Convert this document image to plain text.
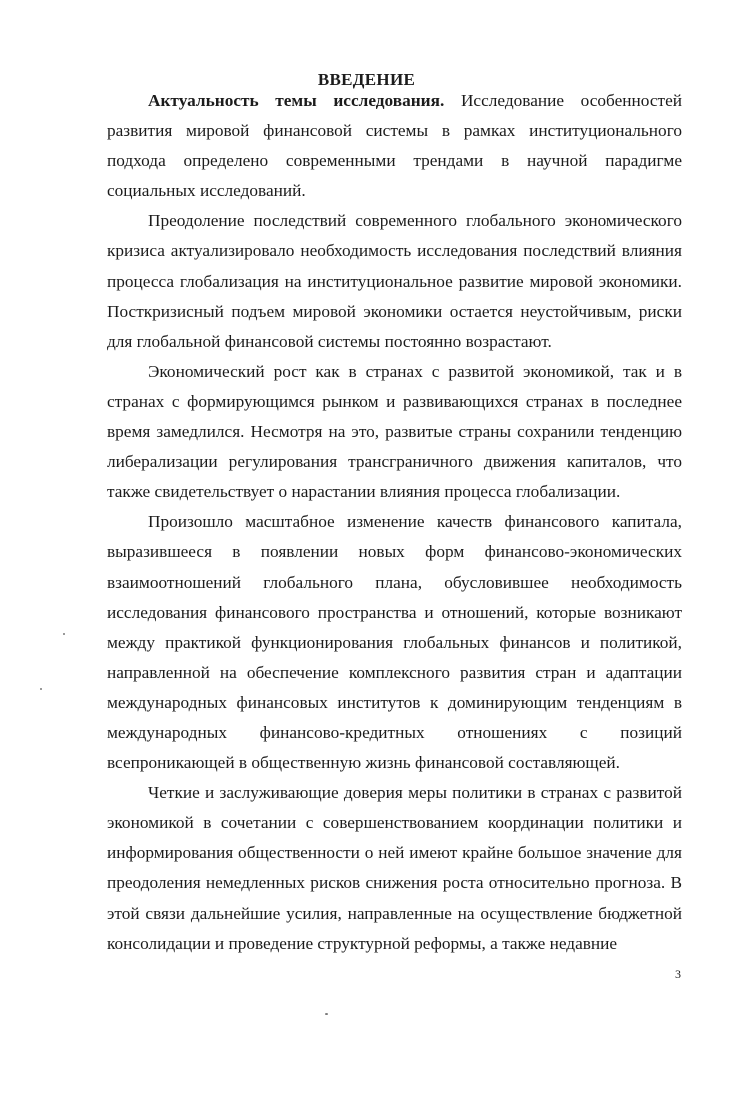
ВВЕДЕНИЕ

Актуальность темы исследования. Исследование особенностей развития мировой финансовой системы в рамках институционального подхода определено современными трендами в научной парадигме социальных исследований.

Преодоление последствий современного глобального экономического кризиса актуализировало необходимость исследования последствий влияния процесса глобализация на институциональное развитие мировой экономики. Посткризисный подъем мировой экономики остается неустойчивым, риски для глобальной финансовой системы постоянно возрастают.

Экономический рост как в странах с развитой экономикой, так и в странах с формирующимся рынком и развивающихся странах в последнее время замедлился. Несмотря на это, развитые страны сохранили тенденцию либерализации регулирования трансграничного движения капиталов, что также свидетельствует о нарастании влияния процесса глобализации.

Произошло масштабное изменение качеств финансового капитала, выразившееся в появлении новых форм финансово-экономических взаимоотношений глобального плана, обусловившее необходимость исследования финансового пространства и отношений, которые возникают между практикой функционирования глобальных финансов и политикой, направленной на обеспечение комплексного развития стран и адаптации международных финансовых институтов к доминирующим тенденциям в международных финансово-кредитных отношениях с позиций всепроникающей в общественную жизнь финансовой составляющей.

Четкие и заслуживающие доверия меры политики в странах с развитой экономикой в сочетании с совершенствованием координации политики и информирования общественности о ней имеют крайне большое значение для преодоления немедленных рисков снижения роста относительно прогноза. В этой связи дальнейшие усилия, направленные на осуществление бюджетной консолидации и проведение структурной реформы, а также недавние

3
